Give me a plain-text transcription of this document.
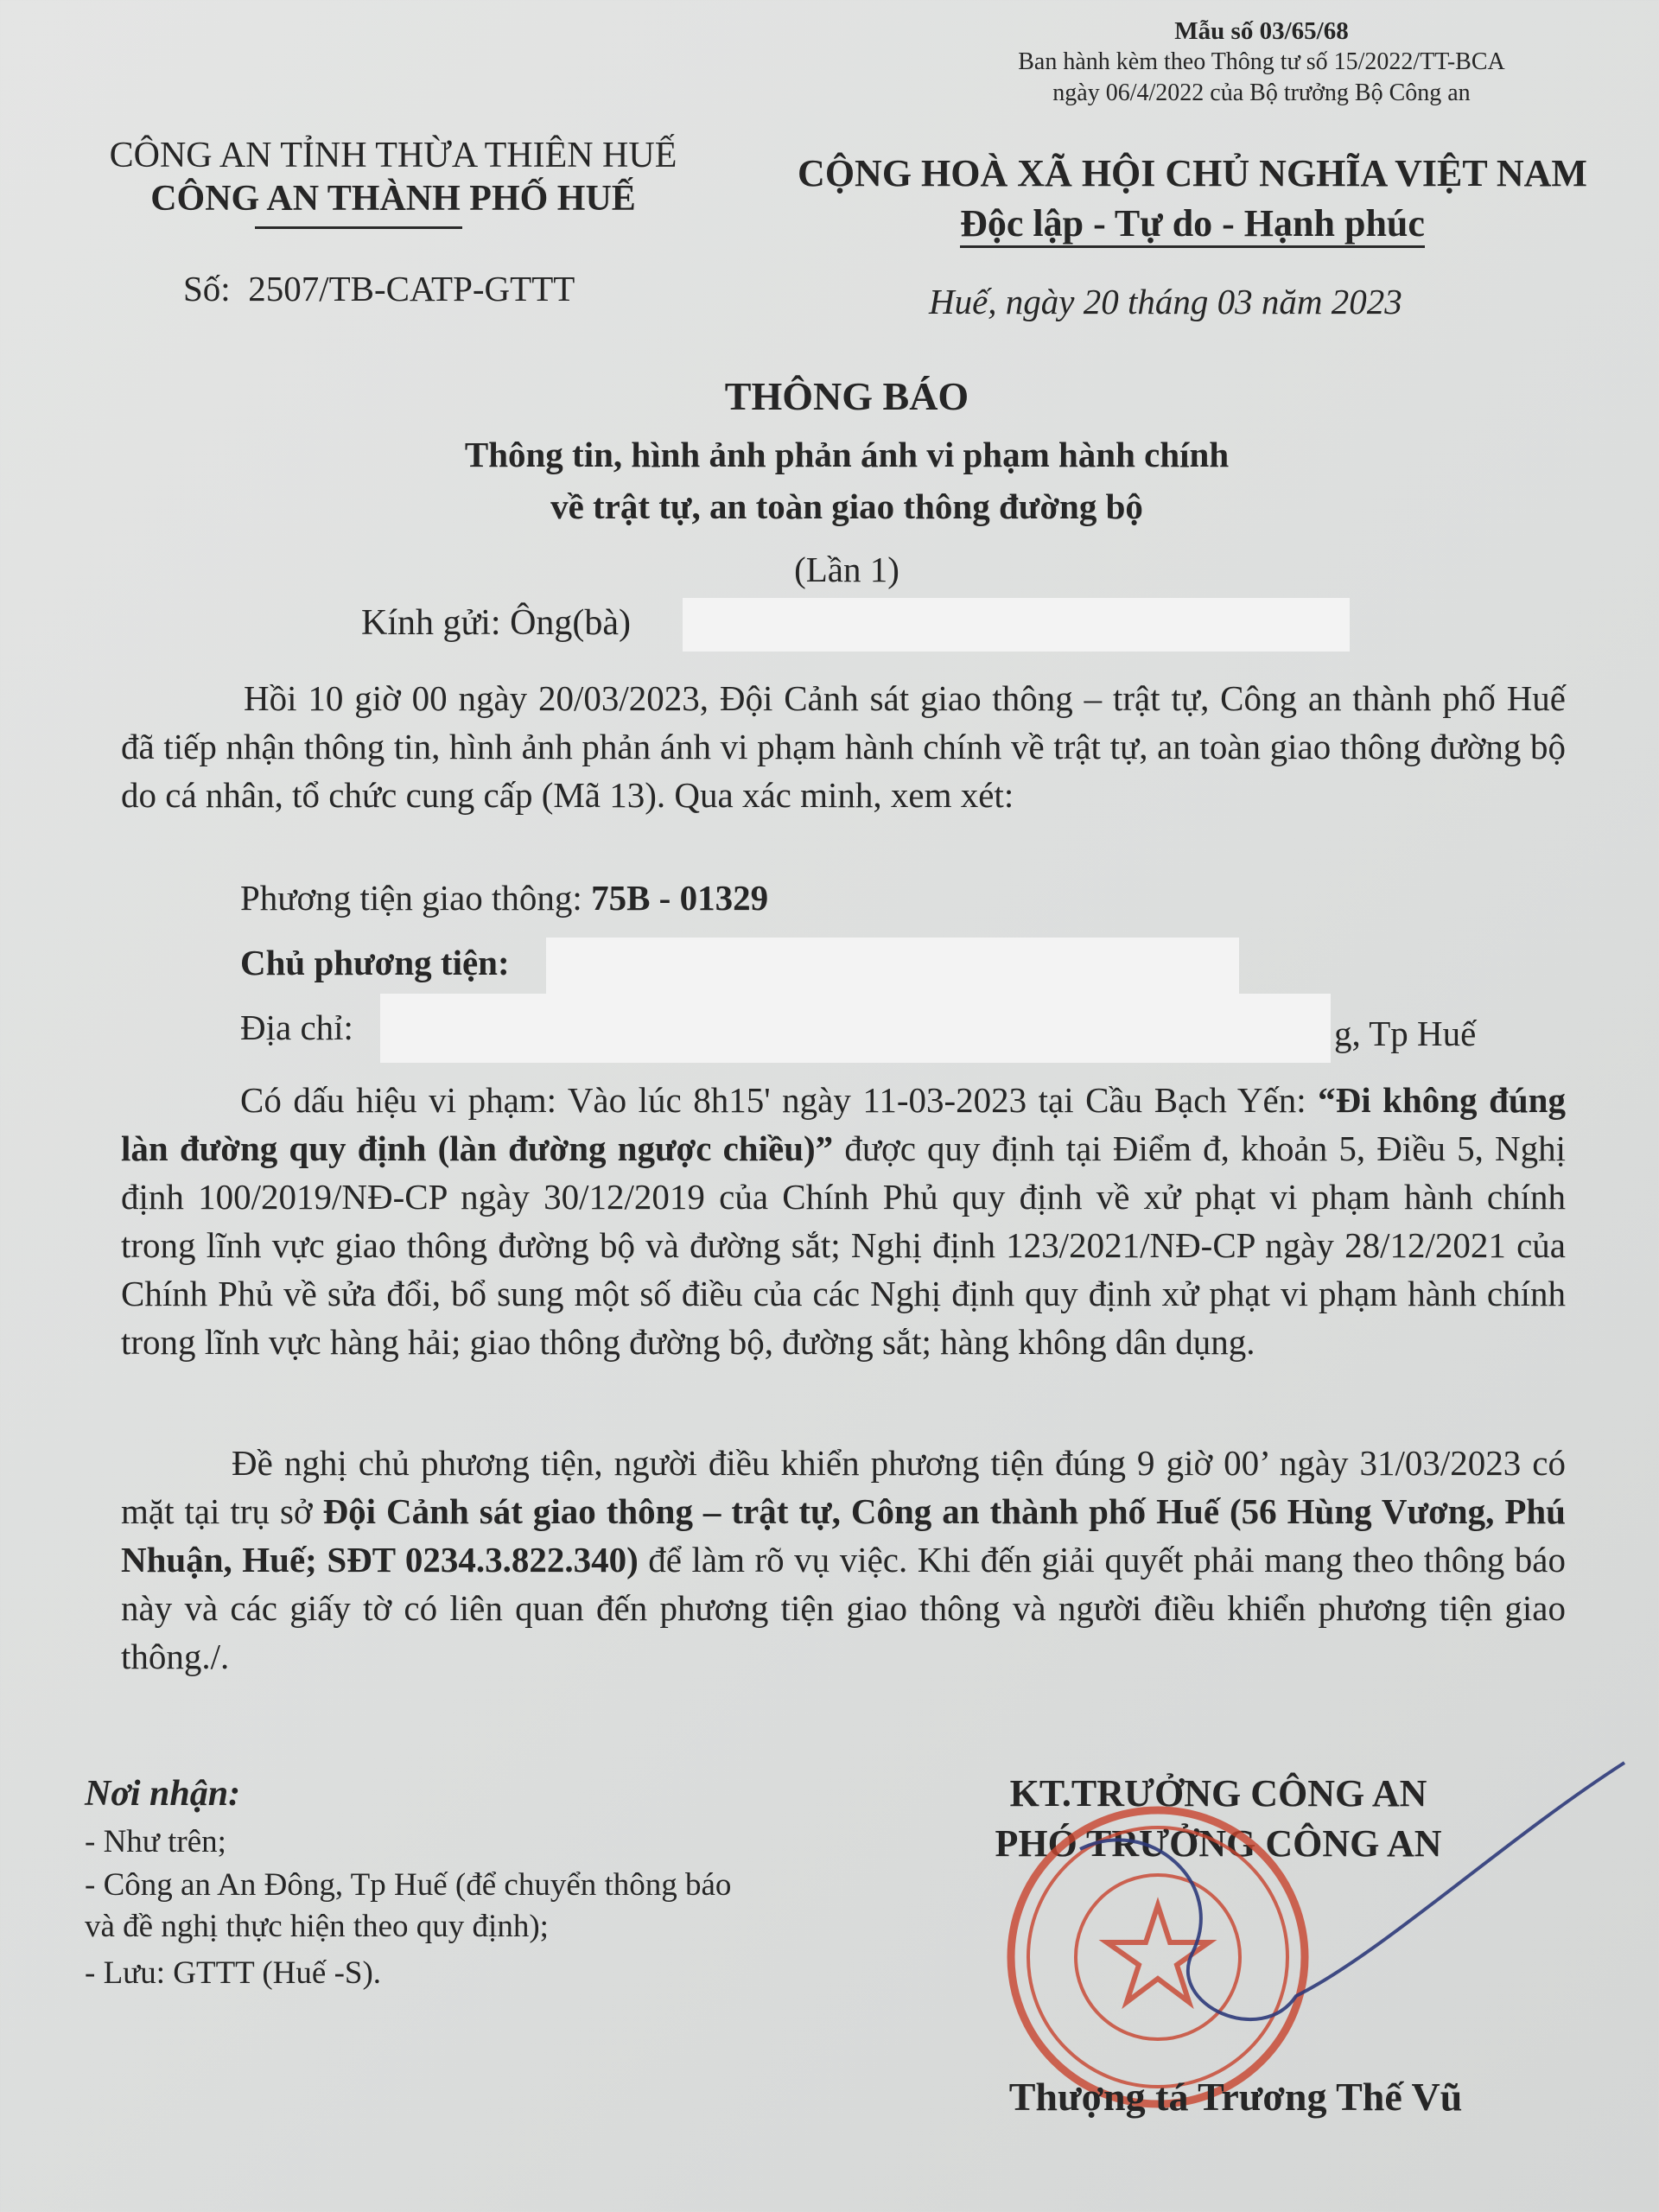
Mẫu số 03/65/68
Ban hành kèm theo Thông tư số 15/2022/TT-BCA
ngày 06/4/2022 của Bộ trưởng Bộ Công an
CÔNG AN TỈNH THỪA THIÊN HUẾ
CÔNG AN THÀNH PHỐ HUẾ
CỘNG HOÀ XÃ HỘI CHỦ NGHĨA VIỆT NAM
Độc lập - Tự do - Hạnh phúc
Số: 2507/TB-CATP-GTTT	Huế, ngày 20 tháng 03 năm 2023
THÔNG BÁO
Thông tin, hình ảnh phản ánh vi phạm hành chính
về trật tự, an toàn giao thông đường bộ
(Lần 1)
Kính gửi: Ông(bà)
Hồi 10 giờ 00 ngày 20/03/2023, Đội Cảnh sát giao thông – trật tự, Công an thành phố Huế đã tiếp nhận thông tin, hình ảnh phản ánh vi phạm hành chính về trật tự, an toàn giao thông đường bộ do cá nhân, tổ chức cung cấp (Mã 13). Qua xác minh, xem xét:
Phương tiện giao thông: 75B - 01329
Chủ phương tiện:
Địa chỉ:	g, Tp Huế
Có dấu hiệu vi phạm: Vào lúc 8h15' ngày 11-03-2023 tại Cầu Bạch Yến: “Đi không đúng làn đường quy định (làn đường ngược chiều)” được quy định tại Điểm đ, khoản 5, Điều 5, Nghị định 100/2019/NĐ-CP ngày 30/12/2019 của Chính Phủ quy định về xử phạt vi phạm hành chính trong lĩnh vực giao thông đường bộ và đường sắt; Nghị định 123/2021/NĐ-CP ngày 28/12/2021 của Chính Phủ về sửa đổi, bổ sung một số điều của các Nghị định quy định xử phạt vi phạm hành chính trong lĩnh vực hàng hải; giao thông đường bộ, đường sắt; hàng không dân dụng.
Đề nghị chủ phương tiện, người điều khiển phương tiện đúng 9 giờ 00’ ngày 31/03/2023 có mặt tại trụ sở Đội Cảnh sát giao thông – trật tự, Công an thành phố Huế (56 Hùng Vương, Phú Nhuận, Huế; SĐT 0234.3.822.340) để làm rõ vụ việc. Khi đến giải quyết phải mang theo thông báo này và các giấy tờ có liên quan đến phương tiện giao thông và người điều khiển phương tiện giao thông./.
Nơi nhận:
- Như trên;
- Công an An Đông, Tp Huế (để chuyển thông báo
và đề nghị thực hiện theo quy định);
- Lưu: GTTT (Huế -S).
KT.TRƯỞNG CÔNG AN
PHÓ TRƯỞNG CÔNG AN
Thượng tá Trương Thế Vũ
